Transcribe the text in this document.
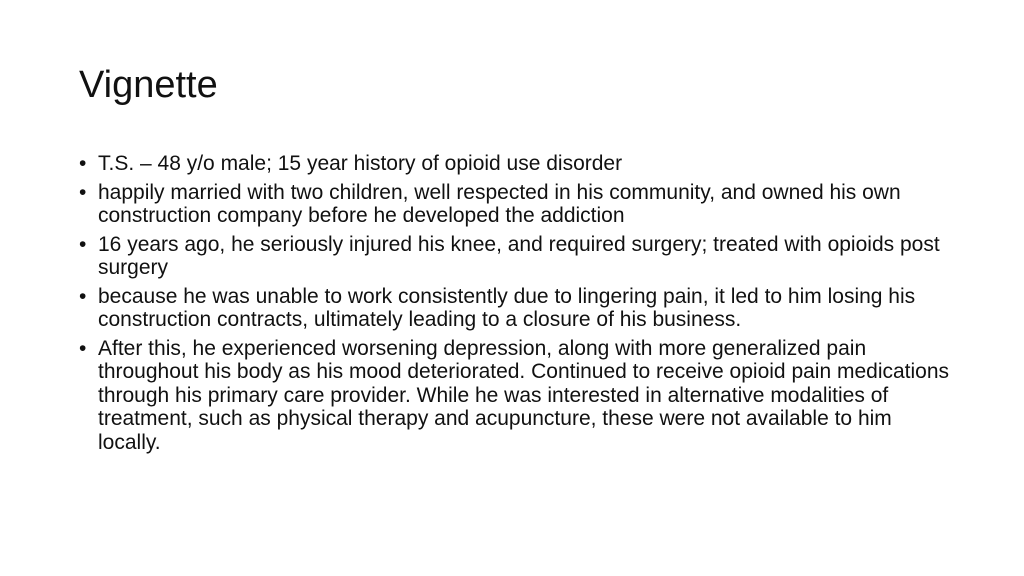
Vignette
• T.S. – 48 y/o male; 15 year history of opioid use disorder
• happily married with two children, well respected in his community, and owned his own construction company before he developed the addiction
• 16 years ago, he seriously injured his knee, and required surgery; treated with opioids post surgery
• because he was unable to work consistently due to lingering pain, it led to him losing his construction contracts, ultimately leading to a closure of his business.
• After this, he experienced worsening depression, along with more generalized pain throughout his body as his mood deteriorated. Continued to receive opioid pain medications through his primary care provider. While he was interested in alternative modalities of treatment, such as physical therapy and acupuncture, these were not available to him locally.
